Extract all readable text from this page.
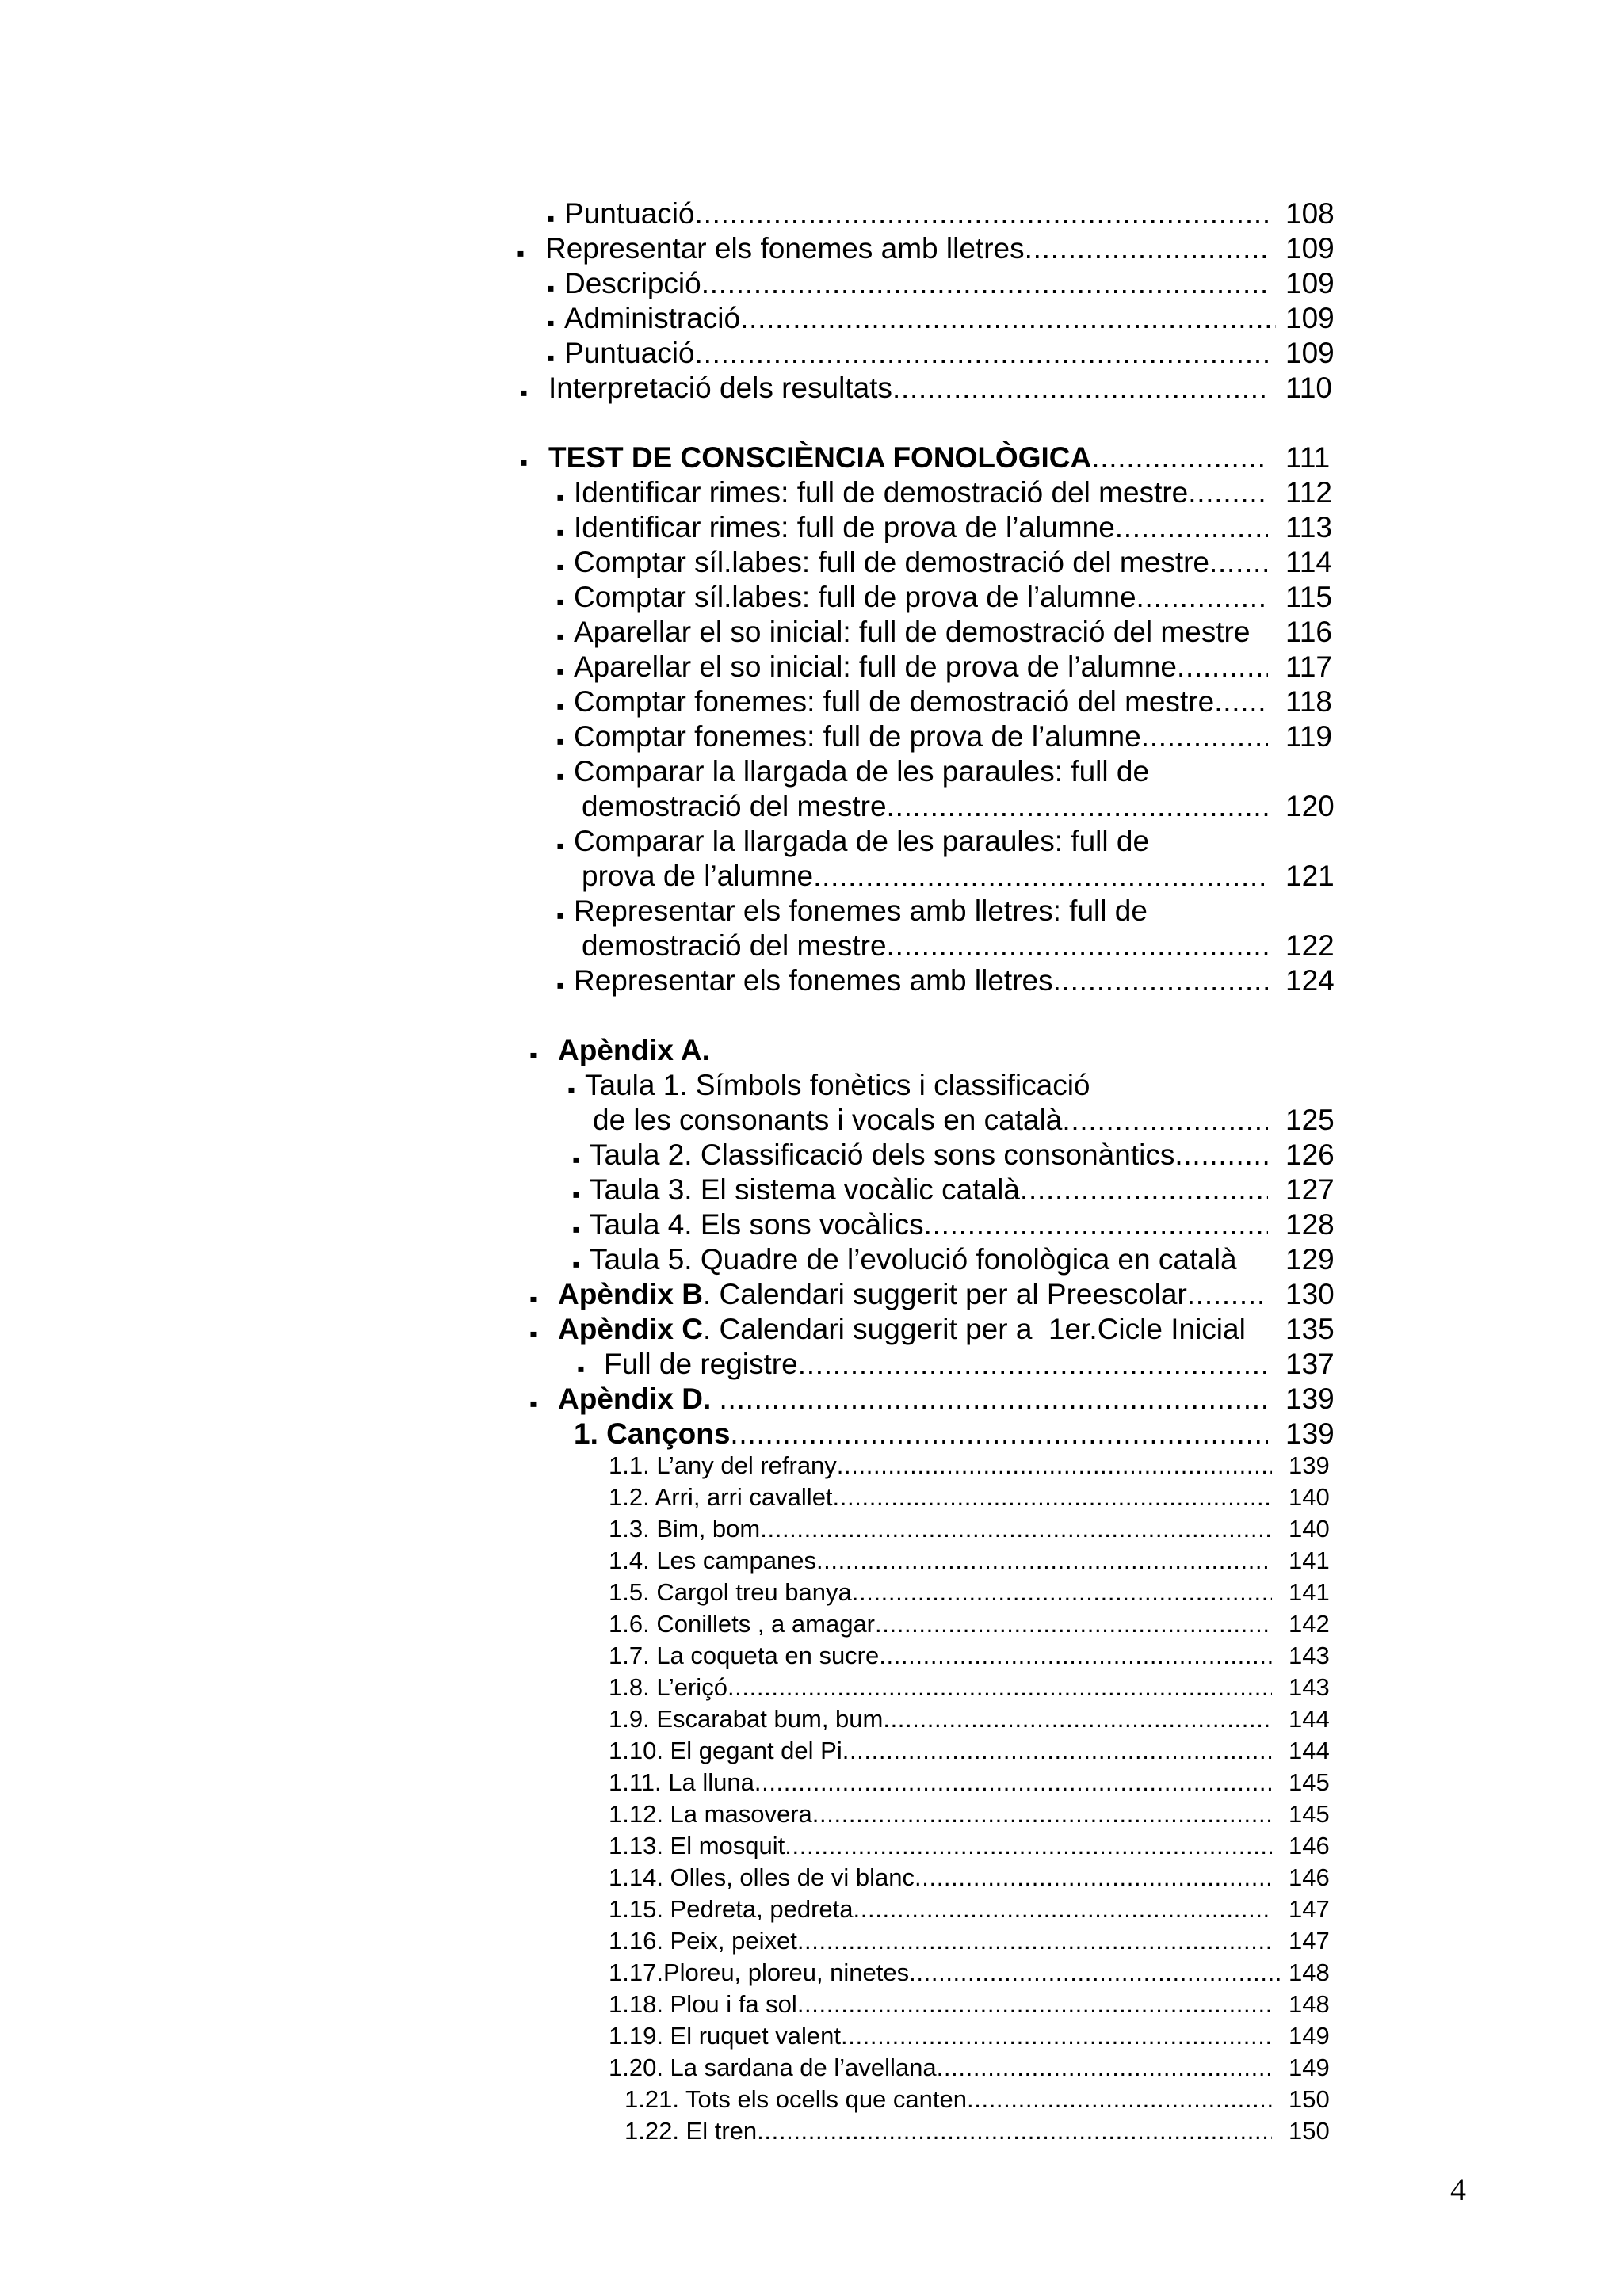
▪ Puntuació .....	108
▪ Representar els fonemes amb lletres .....	109
▪ Descripció .....	109
▪ Administració .....	109
▪ Puntuació .....	109
▪ Interpretació dels resultats .....	110
▪ TEST DE CONSCIÈNCIA FONOLÒGICA .....	111
▪ Identificar rimes: full de demostració del mestre .....	112
▪ Identificar rimes: full de prova de l’alumne .....	113
▪ Comptar síl.labes: full de demostració del mestre .....	114
▪ Comptar síl.labes: full de prova de l’alumne .....	115
▪ Aparellar el so inicial: full de demostració del mestre 116
▪ Aparellar el so inicial: full de prova de l’alumne .....	117
▪ Comptar fonemes: full de demostració del mestre ..... 118
▪ Comptar fonemes: full de prova de l’alumne .....	119
▪ Comparar la llargada de les paraules: full de
demostració del mestre .....	120
▪ Comparar la llargada de les paraules: full de
prova de l’alumne .....	121
▪ Representar els fonemes amb lletres: full de
demostració del mestre .....	122
▪ Representar els fonemes amb lletres .....	124
▪ Apèndix A.
▪ Taula 1. Símbols fonètics i classificació
de les consonants i vocals en català .....	125
▪ Taula 2. Classificació dels sons consonàntics .....	126
▪ Taula 3. El sistema vocàlic català .....	127
▪ Taula 4. Els sons vocàlics .....	128
▪ Taula 5. Quadre de l’evolució fonològica en català 129
▪ Apèndix B . Calendari suggerit per al Preescolar .....	130
▪ Apèndix C . Calendari suggerit per a  1er.Cicle Inicial 135
▪ Full de registre .....	137
▪ Apèndix D. .....	139
1. Cançons .....	139
1.1. L’any del refrany .....	139
1.2. Arri, arri cavallet .....	140
1.3. Bim, bom .....	140
1.4. Les campanes .....	141
1.5. Cargol treu banya .....	141
1.6. Conillets , a amagar .....	142
1.7. La coqueta en sucre .....	143
1.8. L’eriçó .....	143
1.9. Escarabat bum, bum .....	144
1.10. El gegant del Pi .....	144
1.11. La lluna .....	145
1.12. La masovera .....	145
1.13. El mosquit .....	146
1.14. Olles, olles de vi blanc .....	146
1.15. Pedreta, pedreta .....	147
1.16. Peix, peixet .....	147
1.17.Ploreu, ploreu, ninetes .....	148
1.18. Plou i fa sol .....	148
1.19. El ruquet valent .....	149
1.20. La sardana de l’avellana .....	149
1.21. Tots els ocells que canten .....	150
1.22. El tren .....	150
4
